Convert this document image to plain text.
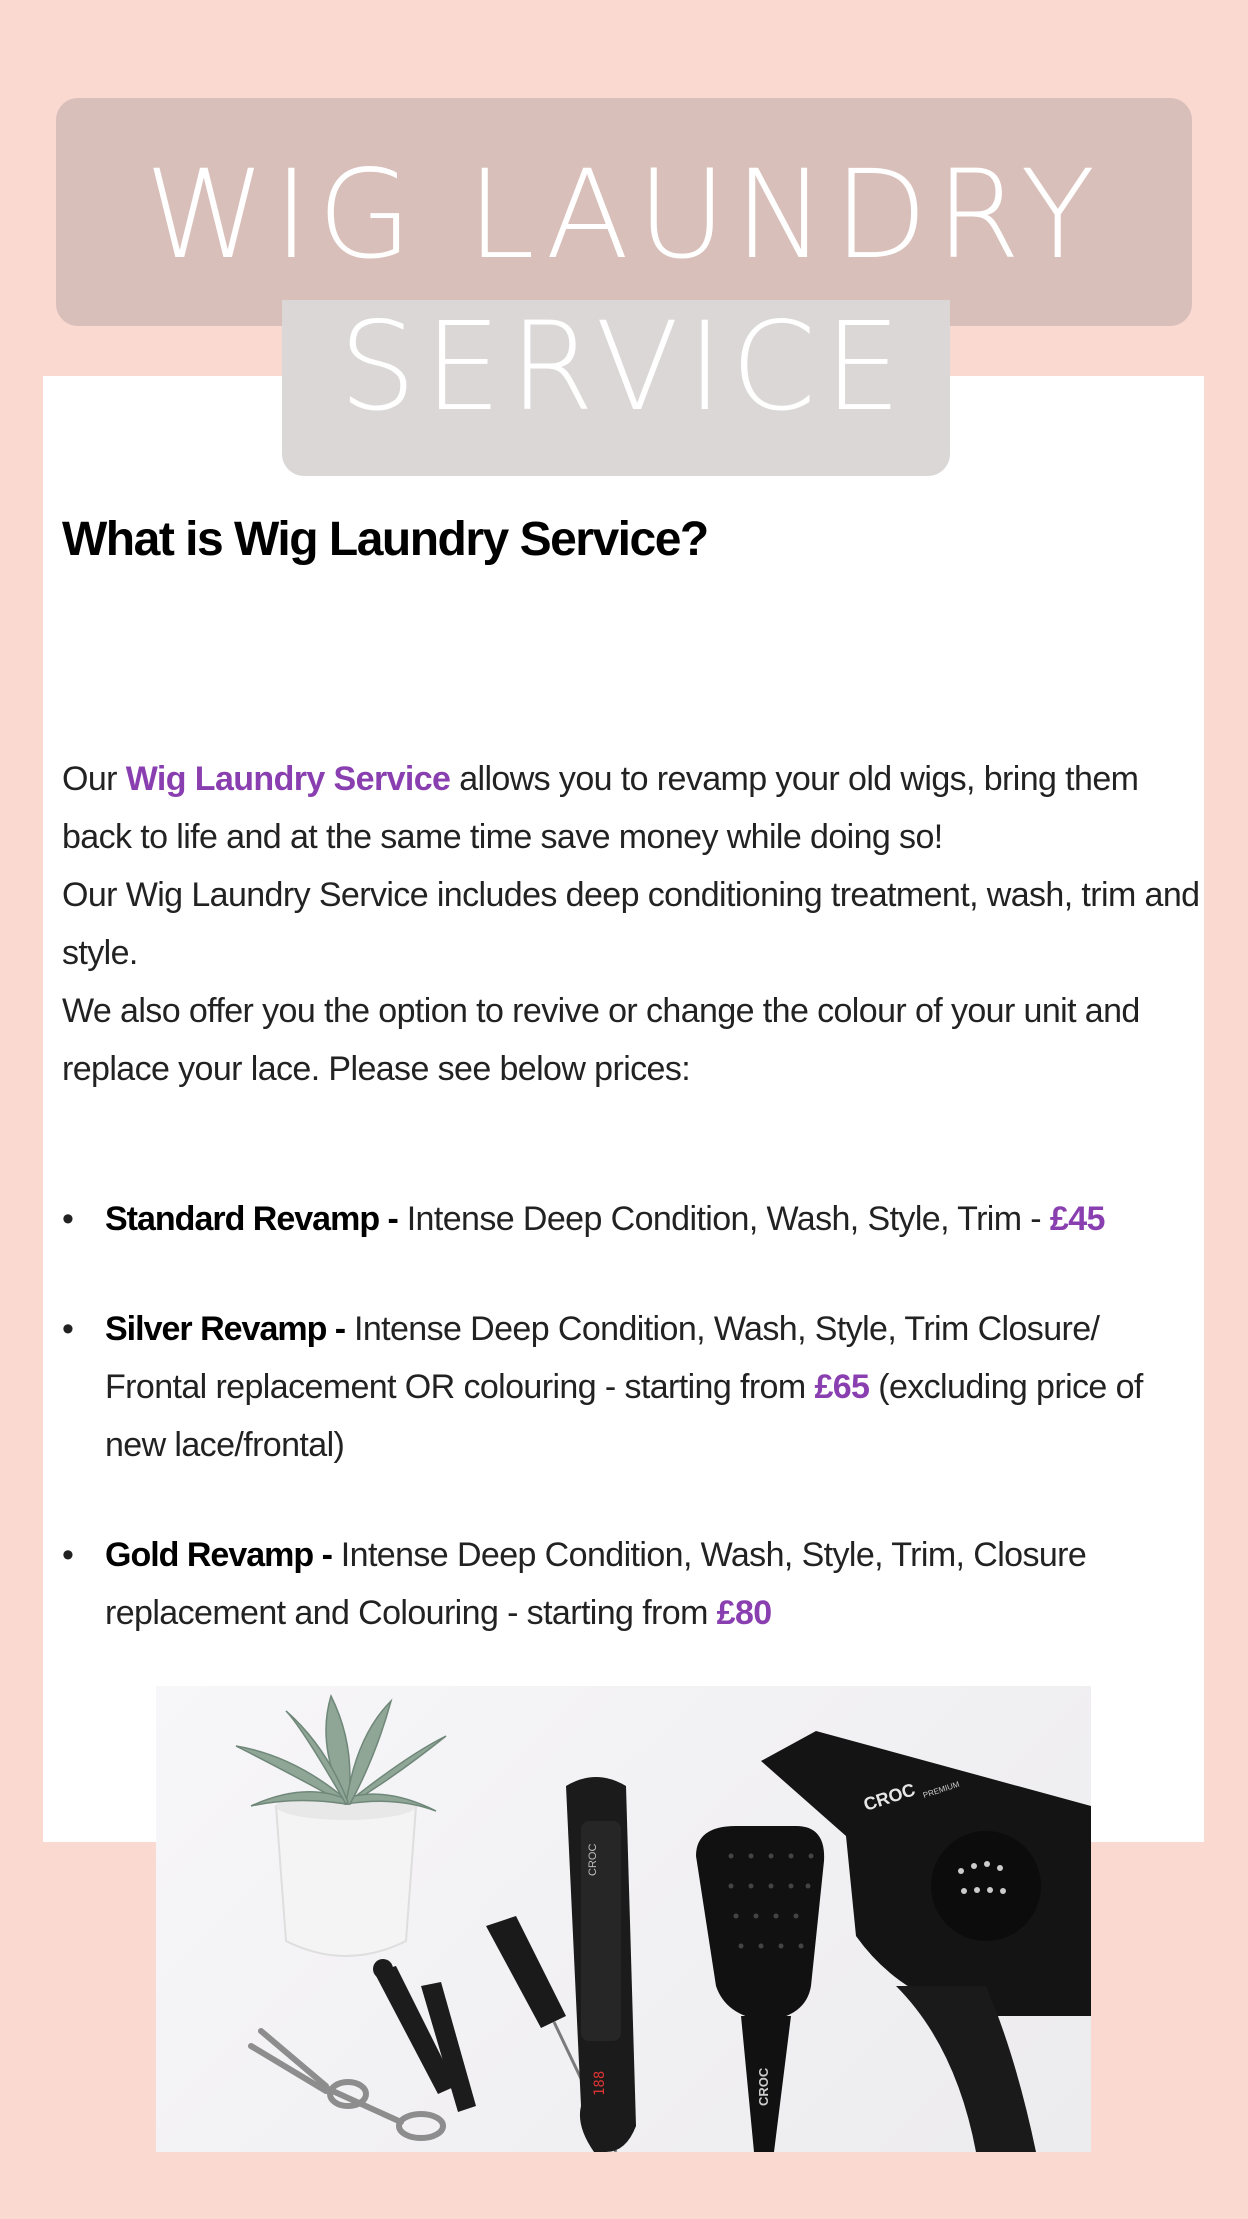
WIG LAUNDRY
SERVICE
What is Wig Laundry Service?

Our Wig Laundry Service allows you to revamp your old wigs, bring them back to life and at the same time save money while doing so!

Our Wig Laundry Service includes deep conditioning treatment, wash, trim and style.

We also offer you the option to revive or change the colour of your unit and replace your lace. Please see below prices:

• Standard Revamp - Intense Deep Condition, Wash, Style, Trim - £45
• Silver Revamp - Intense Deep Condition, Wash, Style, Trim Closure/ Frontal replacement OR colouring - starting from £65 (excluding price of new lace/frontal)
• Gold Revamp - Intense Deep Condition, Wash, Style, Trim, Closure replacement and Colouring - starting from £80
188
CROC
CROC
CROC PREMIUM
